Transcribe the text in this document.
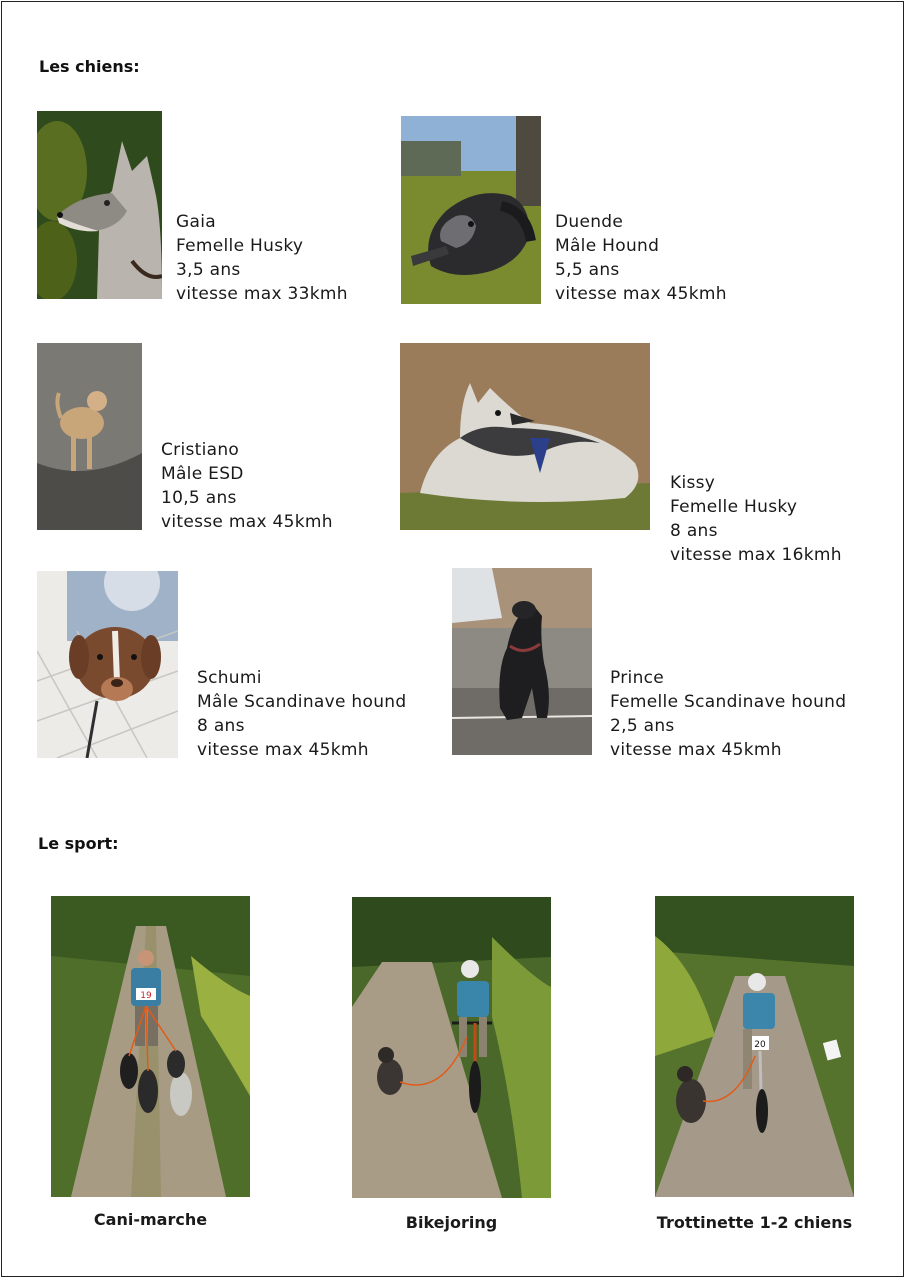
Les chiens:
Gaia
Femelle Husky
3,5 ans
vitesse max 33kmh
Duende
Mâle Hound
5,5 ans
vitesse max 45kmh
Cristiano
Mâle ESD
10,5 ans
vitesse max 45kmh
Kissy
Femelle Husky
8 ans
vitesse max 16kmh
Schumi
Mâle Scandinave hound
8 ans
vitesse max 45kmh
Prince
Femelle Scandinave hound
2,5 ans
vitesse max 45kmh
Le sport:
19
Cani-marche	Bikejoring
20
Trottinette 1-2 chiens
